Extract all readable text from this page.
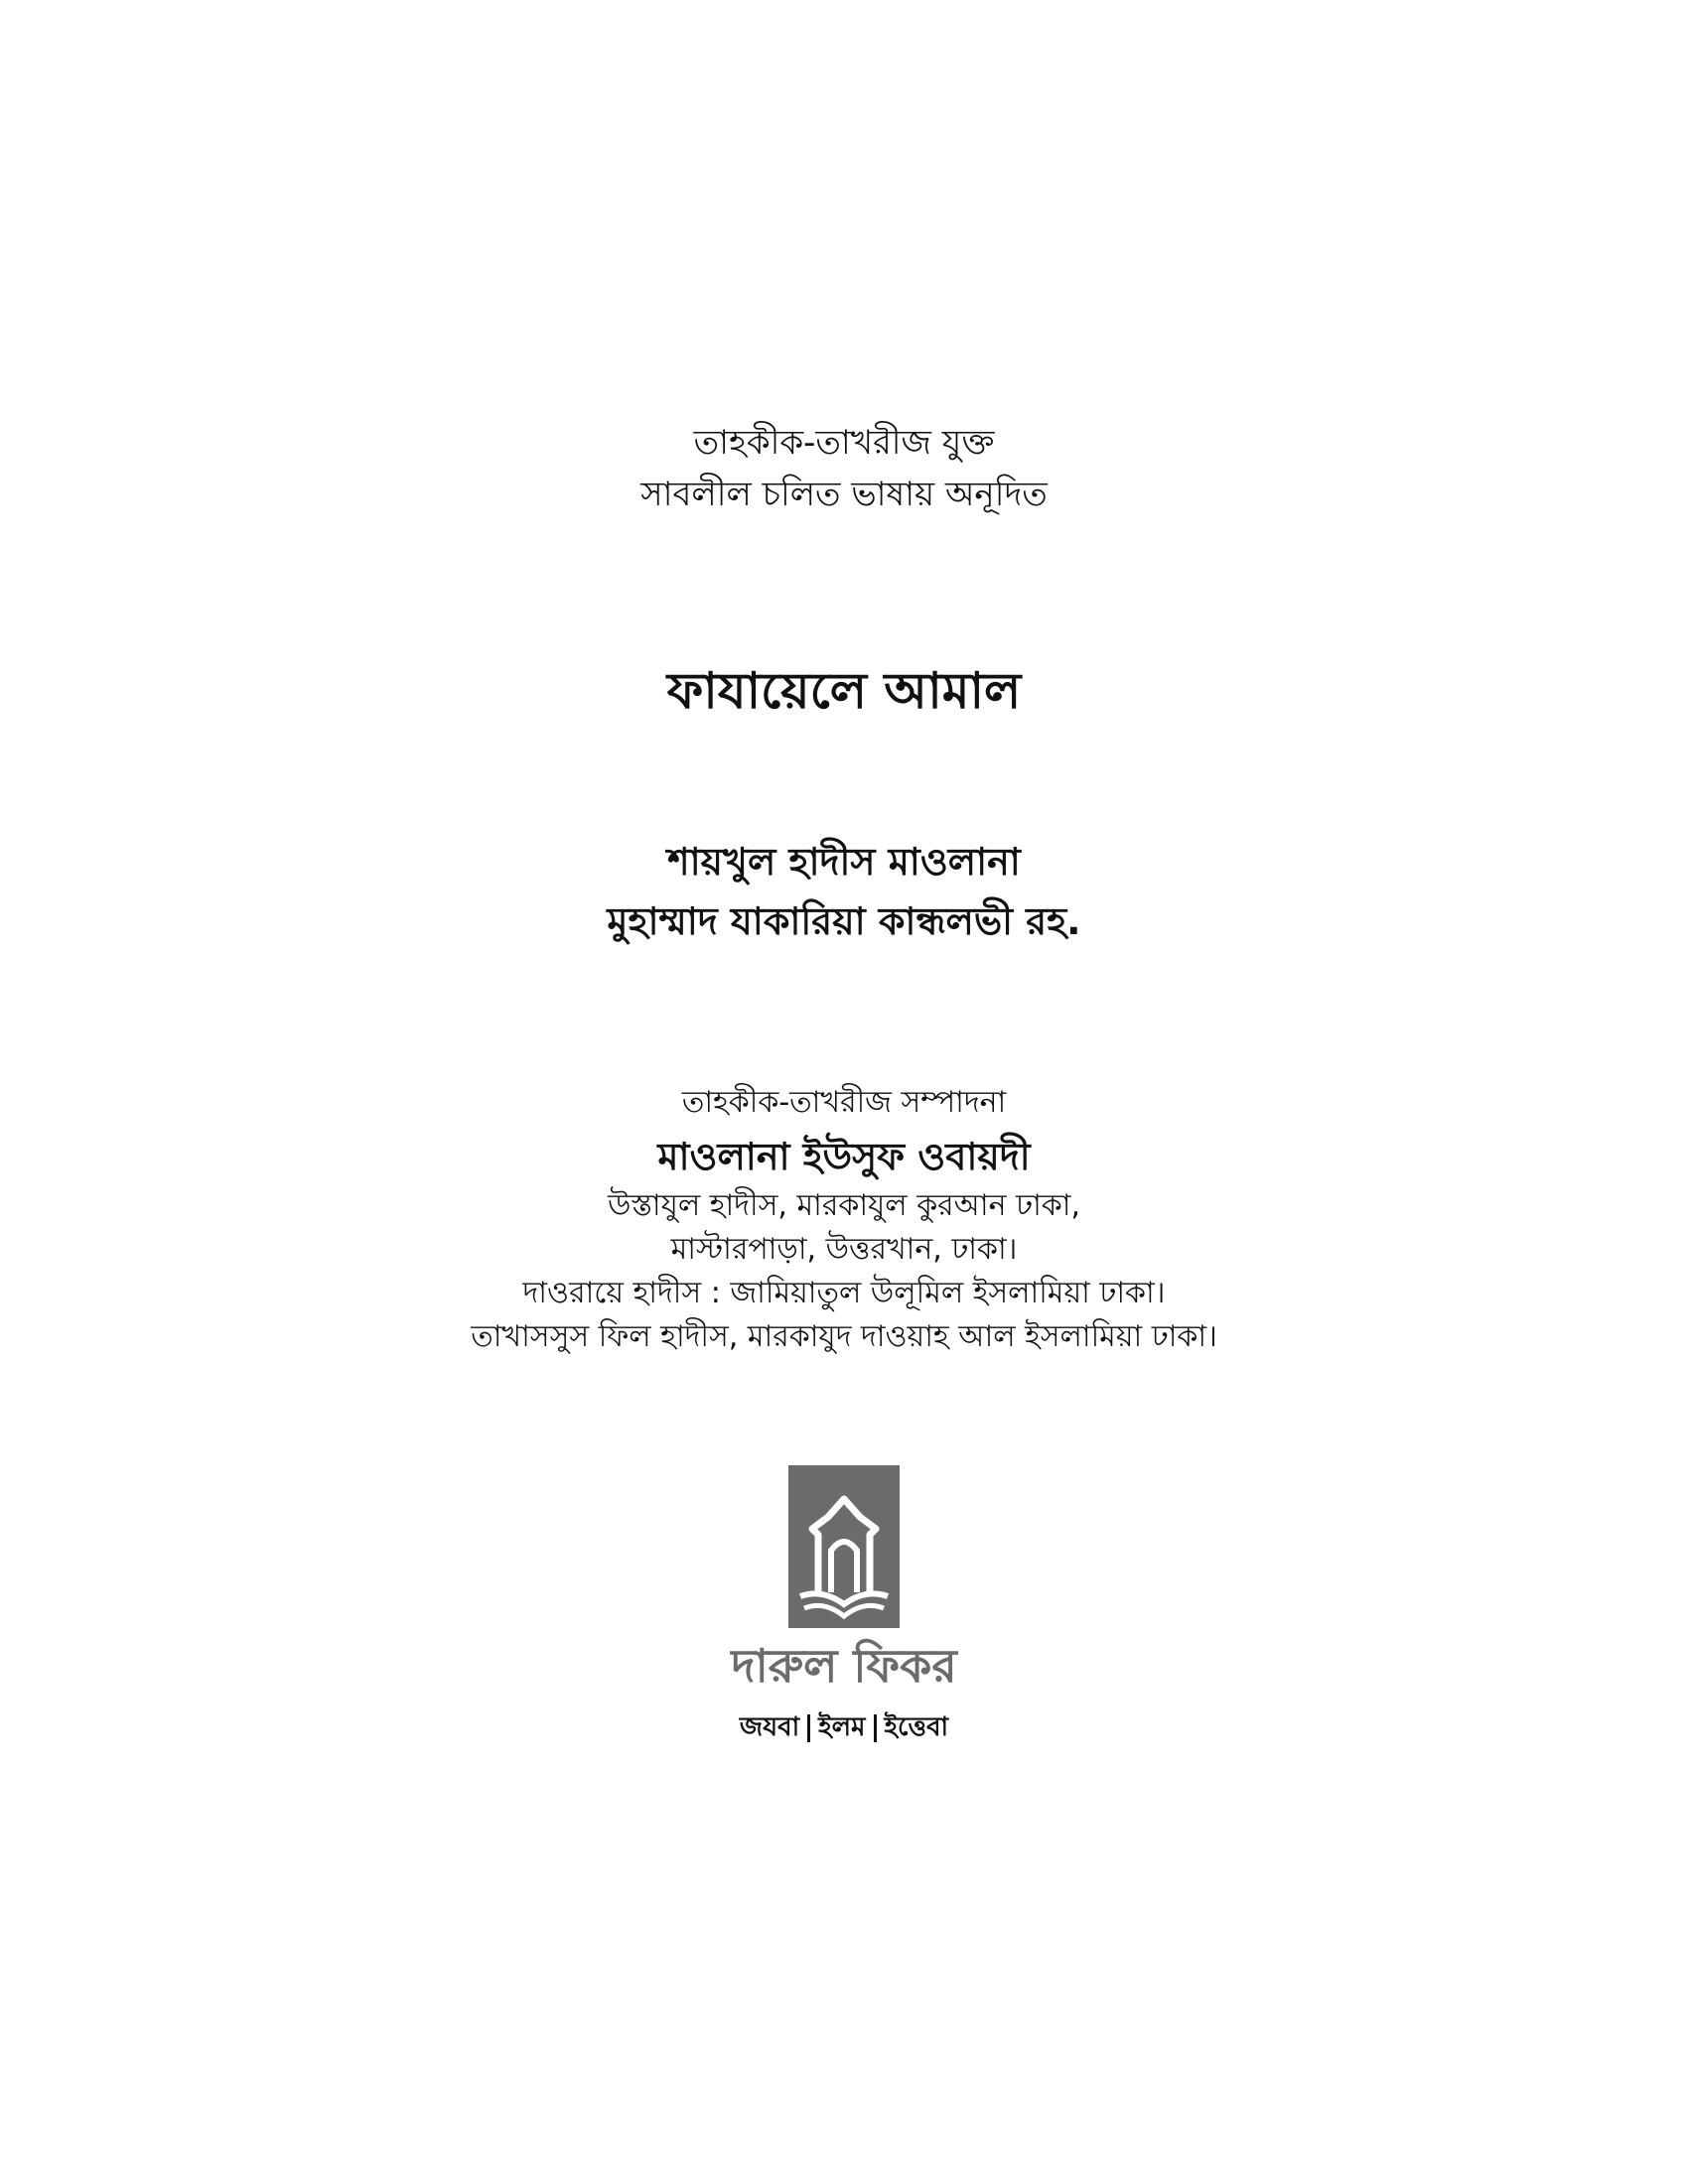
তাহকীক-তাখরীজ যুক্ত
সাবলীল চলিত ভাষায় অনূদিত
ফাযায়েলে আমাল
শায়খুল হাদীস মাওলানা
মুহাম্মাদ যাকারিয়া কান্ধলভী রহ.
তাহকীক-তাখরীজ সম্পাদনা
মাওলানা ইউসুফ ওবায়দী
উস্তাযুল হাদীস, মারকাযুল কুরআন ঢাকা,
মাস্টারপাড়া, উত্তরখান, ঢাকা।
দাওরায়ে হাদীস : জামিয়াতুল উলূমিল ইসলামিয়া ঢাকা।
তাখাসসুস ফিল হাদীস, মারকাযুদ দাওয়াহ আল ইসলামিয়া ঢাকা।
দারুল ফিকর
জযবা ইলম ইত্তেবা
